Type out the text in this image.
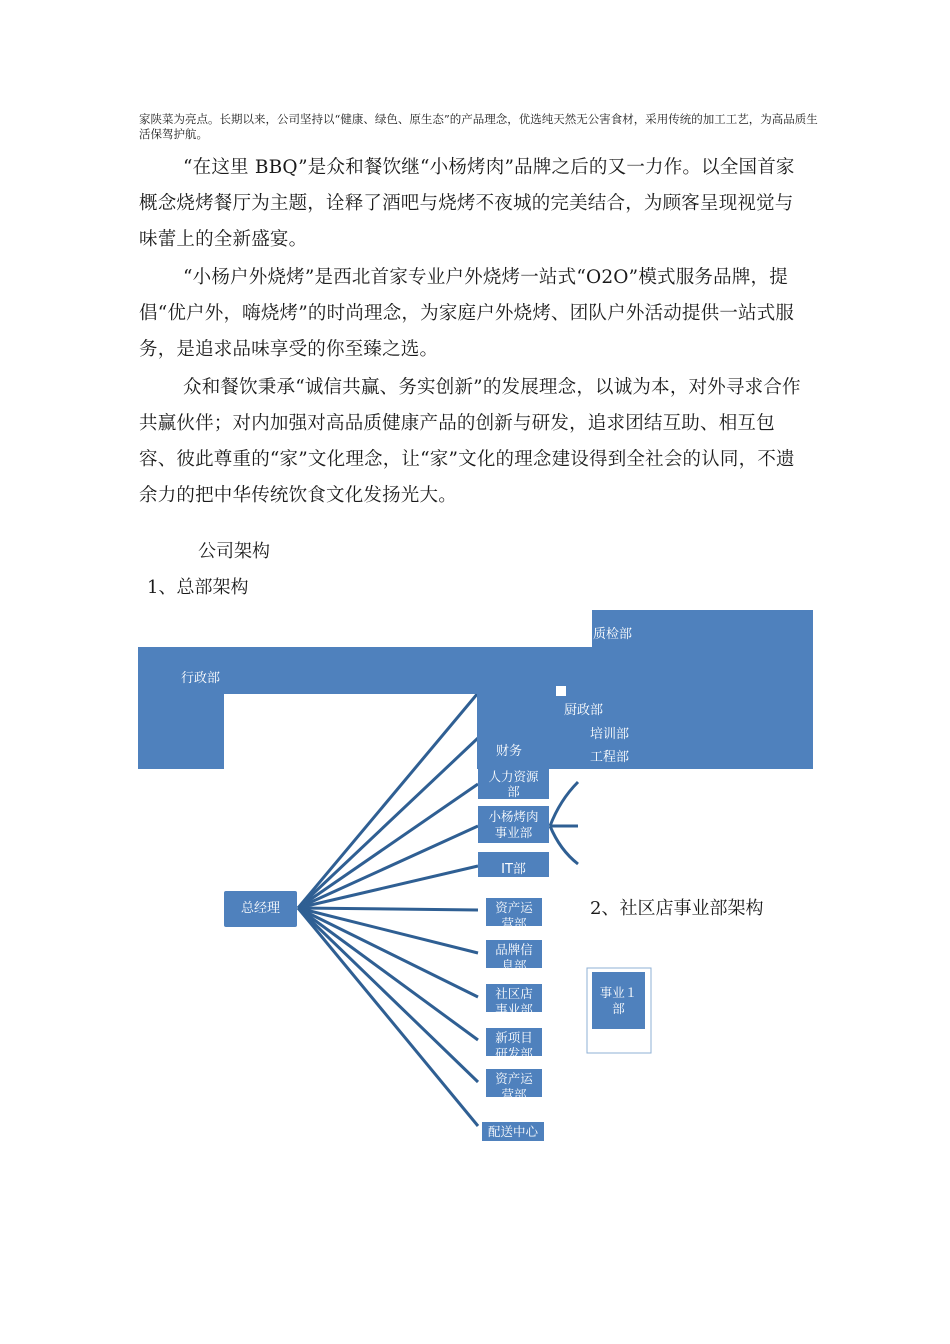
家陕菜为亮点。长期以来，公司坚持以“健康、绿色、原生态”的产品理念，优选纯天然无公害食材，采用传统的加工工艺，为高品质生活保驾护航。

“在这里 BBQ”是众和餐饮继“小杨烤肉”品牌之后的又一力作。以全国首家概念烧烤餐厅为主题，诠释了酒吧与烧烤不夜城的完美结合，为顾客呈现视觉与味蕾上的全新盛宴。

“小杨户外烧烤”是西北首家专业户外烧烤一站式“O2O”模式服务品牌，提倡“优户外，嗨烧烤”的时尚理念，为家庭户外烧烤、团队户外活动提供一站式服务，是追求品味享受的你至臻之选。

众和餐饮秉承“诚信共赢、务实创新”的发展理念，以诚为本，对外寻求合作共赢伙伴；对内加强对高品质健康产品的创新与研发，追求团结互助、相互包容、彼此尊重的“家”文化理念，让“家”文化的理念建设得到全社会的认同，不遗余力的把中华传统饮食文化发扬光大。

公司架构
1、总部架构
2、社区店事业部架构
质检部
行政部
厨政部
培训部
工程部
总经理
人力资源部
小杨烤肉事业部
IT部
资产运营部
品牌信息部
社区店事业部
新项目研发部
资产运营部
配送中心
事业１部
